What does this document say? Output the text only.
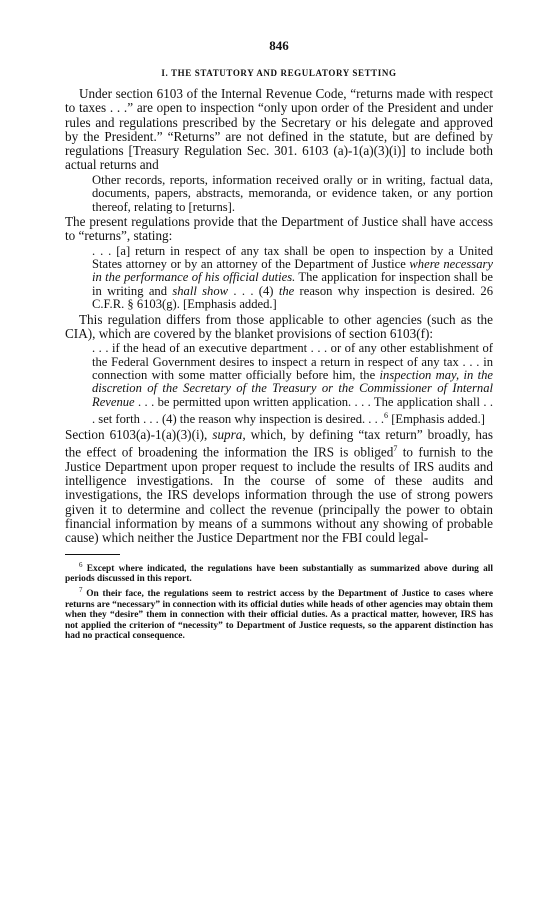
846
I. THE STATUTORY AND REGULATORY SETTING

Under section 6103 of the Internal Revenue Code, “returns made with respect to taxes . . .” are open to inspection “only upon order of the President and under rules and regulations prescribed by the Secretary or his delegate and approved by the President.” “Returns” are not defined in the statute, but are defined by regulations [Treasury Regulation Sec. 301. 6103 (a)-1(a)(3)(i)] to include both actual returns and

Other records, reports, information received orally or in writing, factual data, documents, papers, abstracts, memoranda, or evidence taken, or any portion thereof, relating to [returns].

The present regulations provide that the Department of Justice shall have access to “returns”, stating:

. . . [a] return in respect of any tax shall be open to inspection by a United States attorney or by an attorney of the Department of Justice where necessary in the performance of his official duties. The application for inspection shall be in writing and shall show . . . (4) the reason why inspection is desired. 26 C.F.R. § 6103(g). [Emphasis added.]

This regulation differs from those applicable to other agencies (such as the CIA), which are covered by the blanket provisions of section 6103(f):

. . . if the head of an executive department . . . or of any other establishment of the Federal Government desires to inspect a return in respect of any tax . . . in connection with some matter officially before him, the inspection may, in the discretion of the Secretary of the Treasury or the Commissioner of Internal Revenue . . . be permitted upon written application. . . . The application shall . . . set forth . . . (4) the reason why inspection is desired. . . .$^6$ [Emphasis added.]

Section 6103(a)-1(a)(3)(i), supra, which, by defining “tax return” broadly, has the effect of broadening the information the IRS is obliged$^7$ to furnish to the Justice Department upon proper request to include the results of IRS audits and intelligence investigations. In the course of some of these audits and investigations, the IRS develops information through the use of strong powers given it to determine and collect the revenue (principally the power to obtain financial information by means of a summons without any showing of probable cause) which neither the Justice Department nor the FBI could legal-

$^6$ Except where indicated, the regulations have been substantially as summarized above during all periods discussed in this report.

$^7$ On their face, the regulations seem to restrict access by the Department of Justice to cases where returns are “necessary” in connection with its official duties while heads of other agencies may obtain them when they “desire” them in connection with their official duties. As a practical matter, however, IRS has not applied the criterion of “necessity” to Department of Justice requests, so the apparent distinction has had no practical consequence.
